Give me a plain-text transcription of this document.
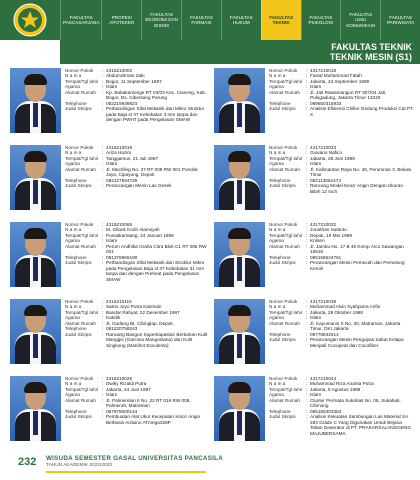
FAKULTAS PASCASARJANA
PROFESI APOTEKER
FAKULTAS EKONOMI DAN BISNIS
FAKULTAS FARMASI
FAKULTAS HUKUM
FAKULTAS TEKNIK
FAKULTAS PSIKOLOGI
FAKULTAS ILMU KOMUNIKASI
FAKULTAS PARIWISATA
FAKULTAS TEKNIK
TEKNIK MESIN (S1)
Nomor Pokok	: 4315210002
N a m a	: Abdurrahman Zaki
Tempat/Tgl lahir : Bogor, 11 September 1997
Agama	: Islam
Alamat Rumah	: Kp. Babakanlonge RT 03/03 Kec. Ciseeng, Kab. Bogor, Ds. Cibentang Parung
Telephone	: 082219938823
Judul Skripsi	: Perbandingan Sifat Mekanik dan Mikro Struktur pada Baja st 37 Kebebalan 3 mm tanpa dan dengan PWHT pada Pengelasan SMAW
Nomor Pokok	: 4317210018
N a m a	: Faisal Muhammad Fatah
Tempat/Tgl lahir : Jakarta, 24 September 1999
Agama	: Islam
Alamat Rumah	: Jl. Jati Rawamangun RT 007/04 Jati, Pulogadung, Jakarta Timur 13220
Telephone	: 089650315933
Judul Skripsi	: Analisis Efisiensi Chiller Gedung Produksi Cat PT. X
Nomor Pokok	: 4315210019
N a m a	: Ariza Hazim
Tempat/Tgl lahir : Tanggamus, 21 Juli 1997
Agama	: Islam
Alamat Rumah	: Jl. Mechling No. 27 RT 008 RW 001 Pondok Jaya, Cipayung, Depok
Telephone	: 082127594729
Judul Skripsi	: Perancangan Mesin Las Gesek
Nomor Pokok	: 4317210023
N a m a	: Giovano Nafico
Tempat/Tgl lahir : Jakarta, 28 Juni 1999
Agama	: Islam
Alamat Rumah	: Jl. Kalimantan Raya No. 40, Perumnas 3, Bekasi Timur
Telephone	: 082113062473
Judul Skripsi	: Rancang Model Kincir Angin Dengan Ukuran Bilah 12 Inch
Nomor Pokok	: 4315210065
N a m a	: M. Gilank Kodri Alamsyah
Tempat/Tgl lahir : Purwakartaang, 24 Januari 1998
Agama	: Islam
Alamat Rumah	: Perum Andhika Graha Citra Blok C1 RT 005 RW 001
Telephone	: 081378965180
Judul Skripsi	: Perbandingan Sifat Mekanik dan Struktur Mikro pada Pengelasan Baja st 37 Kebebalan 31 mm tanpa dan dengan Preheat pada Pengelasan SMAW
Nomor Pokok	: 4317210032
N a m a	: Jonathan Sutanto
Tempat/Tgl lahir : Depok, 19 Mei 1999
Agama	: Kristen
Alamat Rumah	: Jl. Jambu No. 17 B 46 Komp Arco Sawangan 16518
Telephone	: 085158624761
Judul Skripsi	: Perancangan Mesin Pemecah dan Pemotong Kemiri
Nomor Pokok	: 4315210115
N a m a	: Satrio Joyo Putra Kasmain
Tempat/Tgl lahir : Bandar Rahyat, 22 Desember 1997
Agama	: Katolik
Alamat Rumah	: Jl. Gudang BI, Cibinglap, Depok.
Telephone	: 081220758243
Judul Skripsi	: Rancang Bangun Superkapasitor Berbahan Kulit Manggis (Garcinia Mangostana) dan Kulit Singkong (Manihot Esculenta)
Nomor Pokok	: 4317210039
N a m a	: Muhammad Alvin Syahputra Arifin
Tempat/Tgl lahir : Jakarta, 29 Oktober 1998
Agama	: Islam
Alamat Rumah	: Jl. Kayumanis X No. 30, Matraman, Jakarta Timur, DKI Jakarta
Telephone	: 08778842914
Judul Skripsi	: Perancangan Mesin Pengupas Sabut Kelapa Menjadi Cocopeat dan Cocofiber
Nomor Pokok	: 4316210029
N a m a	: Dwiky Rizaldi Putra
Tempat/Tgl lahir : Jakarta, 24 Juni 1997
Agama	: Islam
Alamat Rumah	: Jl. Palmerelan II No. 22 RT 016 RW 008, Palmerah, Matraman
Telephone	: 087875000144
Judul Skripsi	: Pembuatan Alat Ukur Kecepatan Kincir Angin Berbasis Arduino ATmega328P
Nomor Pokok	: 4317210044
N a m a	: Muhammad Riza Ananta Putra
Tempat/Tgl lahir : Jakarta, 5 Agustus 1999
Agama	: Islam
Alamat Rumah	: Cluster Permata Sukahati No. 09, Sukahati, Cibinong
Telephone	: 085155303363
Judul Skripsi	: Analisis Kekuatan Sambungan Las Material SA 283 Grade C Yang Digunakan Untuk Bejana Tekan Deaerator di PT. PRAKARSALANGGENG MAJUBERSAMA
232 WISUDA SEMESTER GASAL UNIVERSITAS PANCASILA
TAHUN AKADEMIK 2022/2023
